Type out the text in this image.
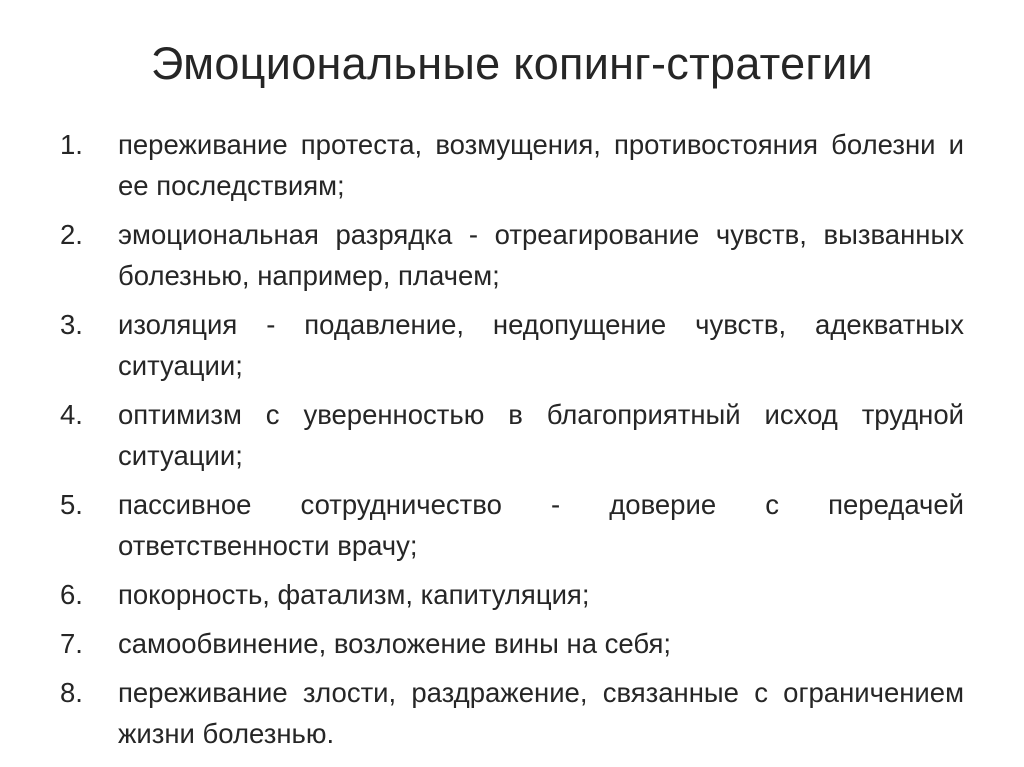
Эмоциональные копинг-стратегии
1.	переживание протеста, возмущения, противостояния болезни и ее последствиям;
2.	эмоциональная разрядка - отреагирование чувств, вызванных болезнью, например, плачем;
3.	изоляция - подавление, недопущение чувств, адекватных ситуации;
4.	оптимизм с уверенностью в благоприятный исход трудной ситуации;
5.	пассивное сотрудничество - доверие с передачей ответственности врачу;
6.	покорность, фатализм, капитуляция;
7.	самообвинение, возложение вины на себя;
8.	переживание злости, раздражение, связанные с ограничением жизни болезнью.
